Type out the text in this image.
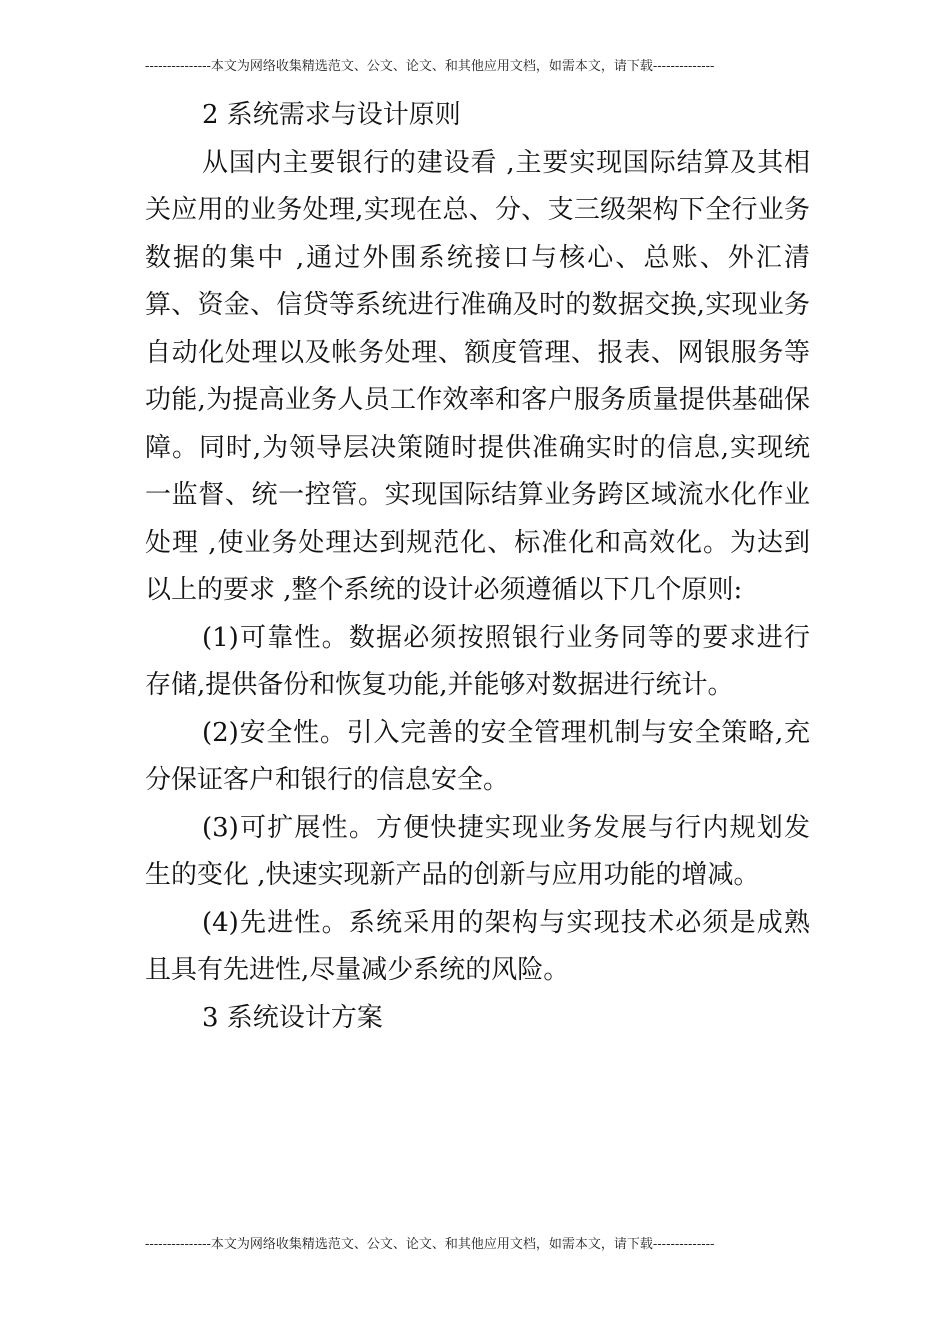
---------------本文为网络收集精选范文、公文、论文、和其他应用文档，如需本文，请下载--------------

2 系统需求与设计原则

从国内主要银行的建设看 ,主要实现国际结算及其相关应用的业务处理,实现在总、分、支三级架构下全行业务数据的集中 ,通过外围系统接口与核心、总账、外汇清算、资金、信贷等系统进行准确及时的数据交换,实现业务自动化处理以及帐务处理、额度管理、报表、网银服务等功能,为提高业务人员工作效率和客户服务质量提供基础保障。同时,为领导层决策随时提供准确实时的信息,实现统一监督、统一控管。实现国际结算业务跨区域流水化作业处理 ,使业务处理达到规范化、标准化和高效化。为达到以上的要求 ,整个系统的设计必须遵循以下几个原则:

(1)可靠性。数据必须按照银行业务同等的要求进行存储,提供备份和恢复功能,并能够对数据进行统计。

(2)安全性。引入完善的安全管理机制与安全策略,充分保证客户和银行的信息安全。

(3)可扩展性。方便快捷实现业务发展与行内规划发生的变化 ,快速实现新产品的创新与应用功能的增减。

(4)先进性。系统采用的架构与实现技术必须是成熟且具有先进性,尽量减少系统的风险。

3 系统设计方案

---------------本文为网络收集精选范文、公文、论文、和其他应用文档，如需本文，请下载--------------
